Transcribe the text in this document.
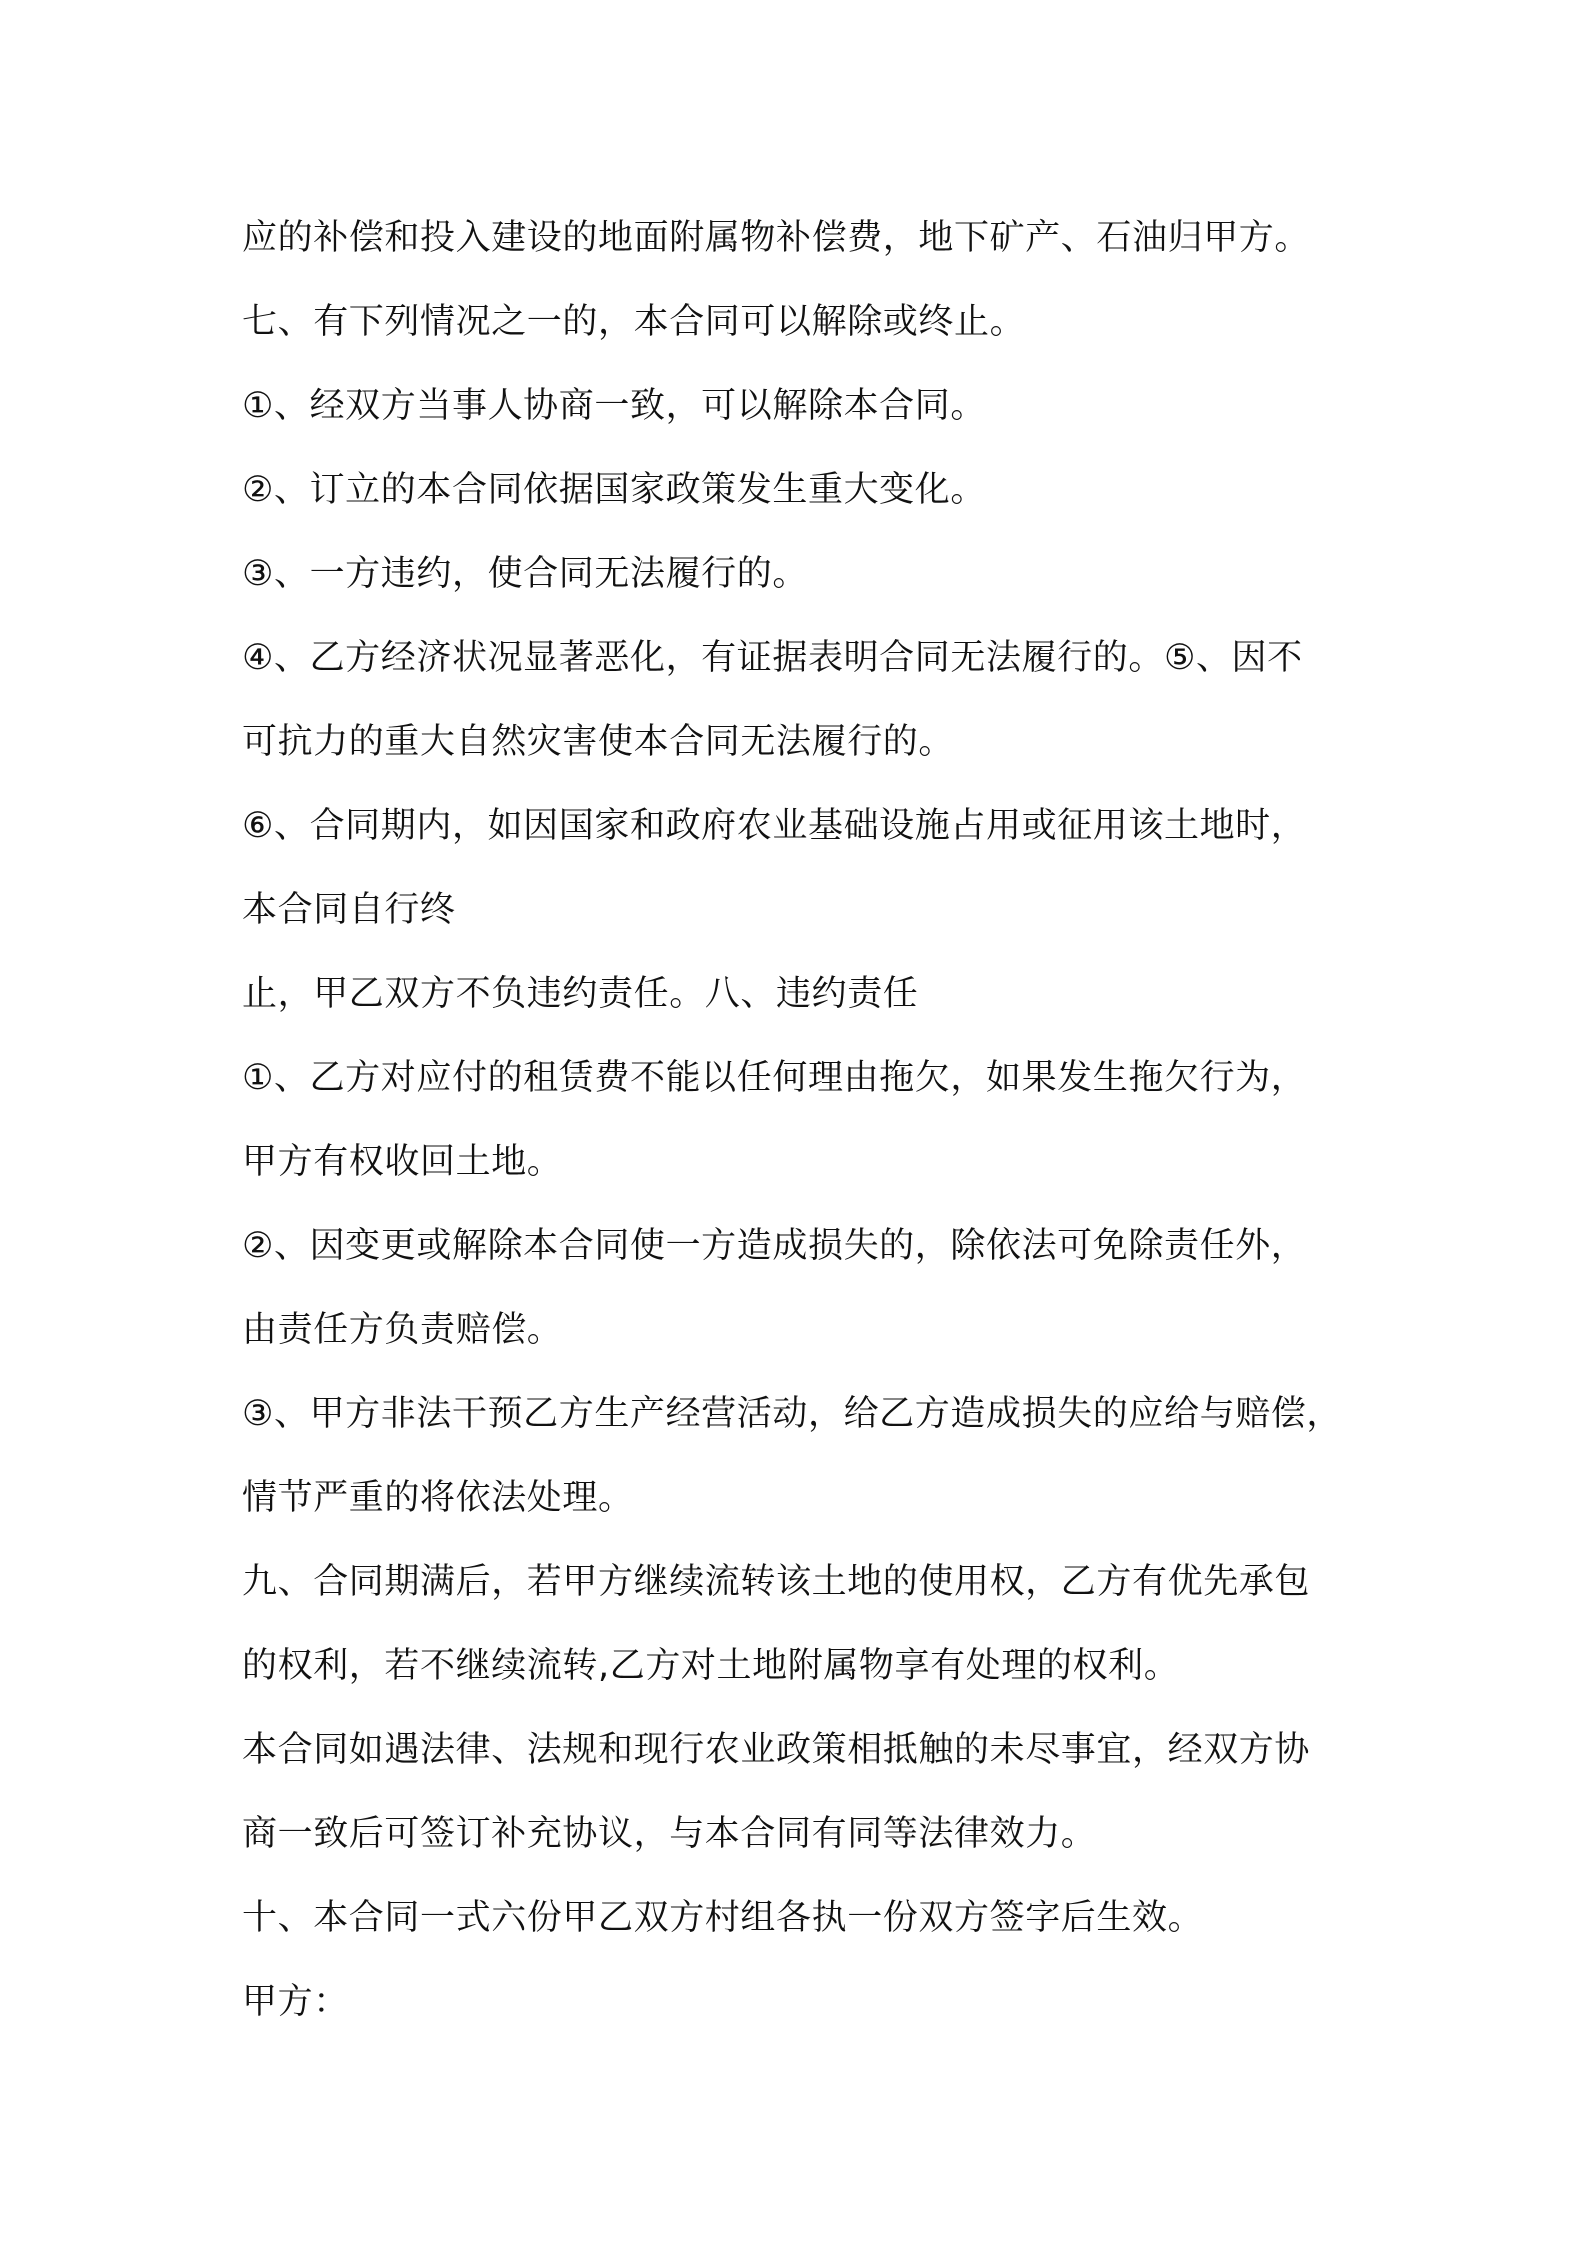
应的补偿和投入建设的地面附属物补偿费，地下矿产、石油归甲方。
七、有下列情况之一的，本合同可以解除或终止。
①、经双方当事人协商一致，可以解除本合同。
②、订立的本合同依据国家政策发生重大变化。
③、一方违约，使合同无法履行的。
④、乙方经济状况显著恶化，有证据表明合同无法履行的。⑤、因不
可抗力的重大自然灾害使本合同无法履行的。
⑥、合同期内，如因国家和政府农业基础设施占用或征用该土地时，
本合同自行终
止，甲乙双方不负违约责任。八、违约责任
①、乙方对应付的租赁费不能以任何理由拖欠，如果发生拖欠行为，
甲方有权收回土地。
②、因变更或解除本合同使一方造成损失的，除依法可免除责任外，
由责任方负责赔偿。
③、甲方非法干预乙方生产经营活动，给乙方造成损失的应给与赔偿，
情节严重的将依法处理。
九、合同期满后，若甲方继续流转该土地的使用权，乙方有优先承包
的权利，若不继续流转,乙方对土地附属物享有处理的权利。
本合同如遇法律、法规和现行农业政策相抵触的未尽事宜，经双方协
商一致后可签订补充协议，与本合同有同等法律效力。
十、本合同一式六份甲乙双方村组各执一份双方签字后生效。
甲方：
